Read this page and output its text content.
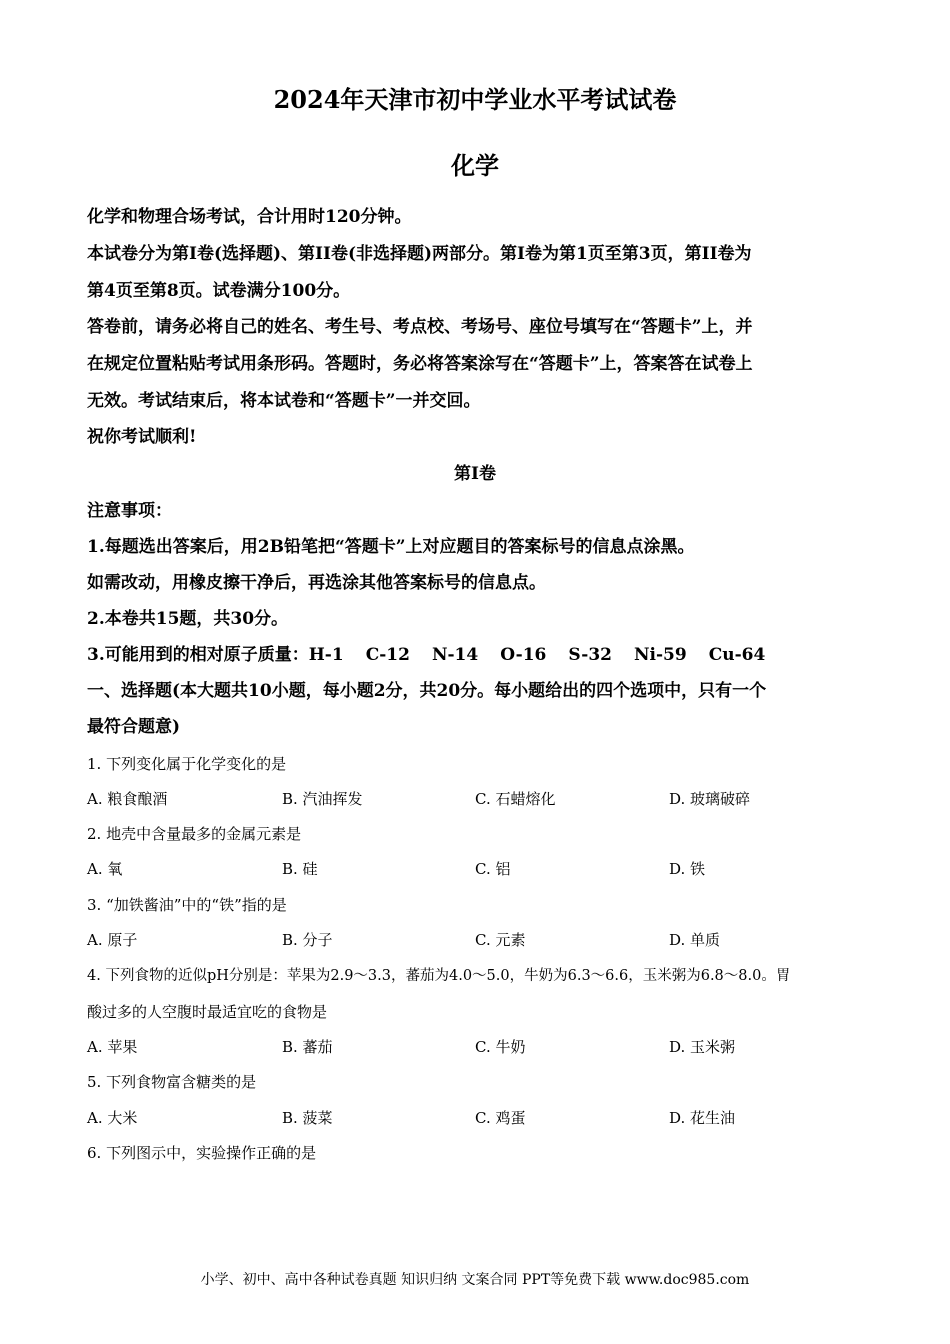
2024年天津市初中学业水平考试试卷
化学
化学和物理合场考试，合计用时120分钟。
本试卷分为第I卷(选择题)、第II卷(非选择题)两部分。第I卷为第1页至第3页，第II卷为
第4页至第8页。试卷满分100分。
答卷前，请务必将自己的姓名、考生号、考点校、考场号、座位号填写在“答题卡”上，并
在规定位置粘贴考试用条形码。答题时，务必将答案涂写在“答题卡”上，答案答在试卷上
无效。考试结束后，将本试卷和“答题卡”一并交回。
祝你考试顺利!
第I卷
注意事项：
1.每题选出答案后，用2B铅笔把“答题卡”上对应题目的答案标号的信息点涂黑。
如需改动，用橡皮擦干净后，再选涂其他答案标号的信息点。
2.本卷共15题，共30分。
3.可能用到的相对原子质量：H-1 C-12 N-14 O-16 S-32 Ni-59 Cu-64
一、选择题(本大题共10小题，每小题2分，共20分。每小题给出的四个选项中，只有一个
最符合题意)
1. 下列变化属于化学变化的是
A. 粮食酿酒	B. 汽油挥发	C. 石蜡熔化	D. 玻璃破碎
2. 地壳中含量最多的金属元素是
A. 氧	B. 硅	C. 铝	D. 铁
3. “加铁酱油”中的“铁”指的是
A. 原子	B. 分子	C. 元素	D. 单质
4. 下列食物的近似pH分别是：苹果为2.9～3.3，蕃茄为4.0～5.0，牛奶为6.3～6.6，玉米粥为6.8～8.0。胃
酸过多的人空腹时最适宜吃的食物是
A. 苹果	B. 蕃茄	C. 牛奶	D. 玉米粥
5. 下列食物富含糖类的是
A. 大米	B. 菠菜	C. 鸡蛋	D. 花生油
6. 下列图示中，实验操作正确的是
小学、初中、高中各种试卷真题 知识归纳 文案合同 PPT等免费下载 www.doc985.com
